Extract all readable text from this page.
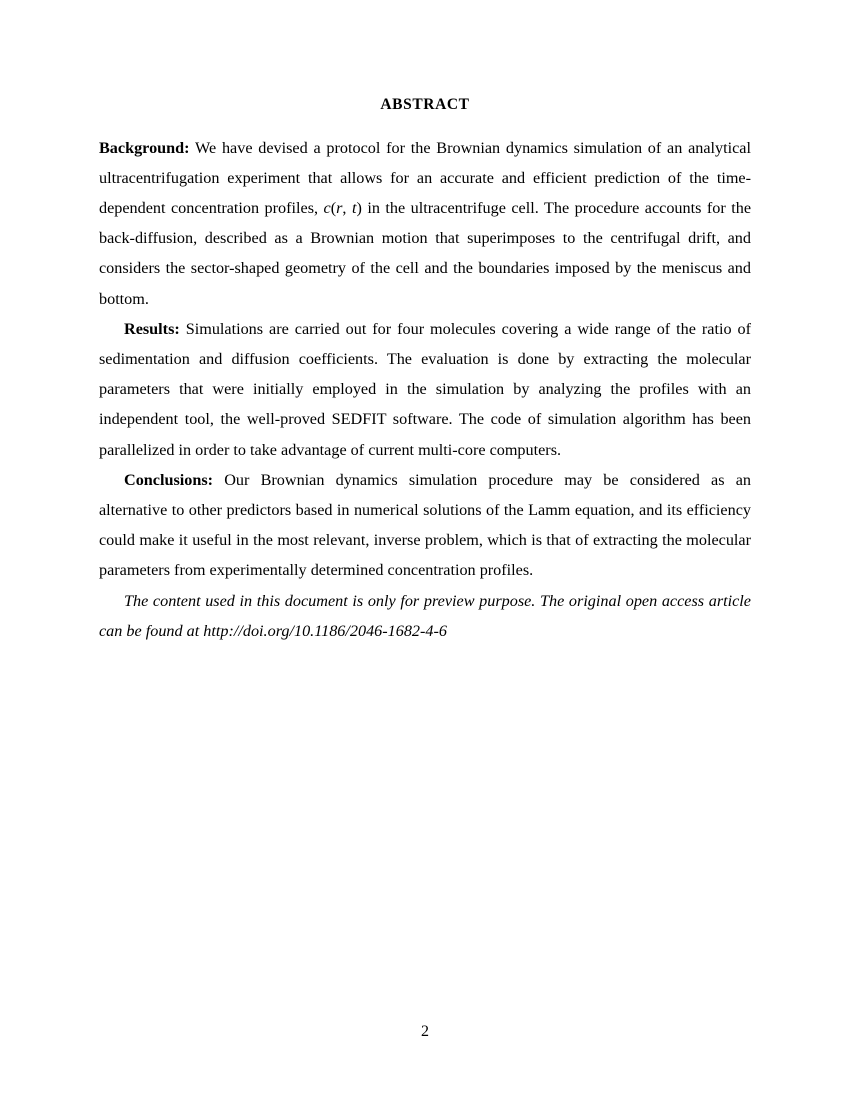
ABSTRACT

Background: We have devised a protocol for the Brownian dynamics simulation of an analytical ultracentrifugation experiment that allows for an accurate and efficient prediction of the time-dependent concentration profiles, c(r, t) in the ultracentrifuge cell. The procedure accounts for the back-diffusion, described as a Brownian motion that superimposes to the centrifugal drift, and considers the sector-shaped geometry of the cell and the boundaries imposed by the meniscus and bottom.

Results: Simulations are carried out for four molecules covering a wide range of the ratio of sedimentation and diffusion coefficients. The evaluation is done by extracting the molecular parameters that were initially employed in the simulation by analyzing the profiles with an independent tool, the well-proved SEDFIT software. The code of simulation algorithm has been parallelized in order to take advantage of current multi-core computers.

Conclusions: Our Brownian dynamics simulation procedure may be considered as an alternative to other predictors based in numerical solutions of the Lamm equation, and its efficiency could make it useful in the most relevant, inverse problem, which is that of extracting the molecular parameters from experimentally determined concentration profiles.

The content used in this document is only for preview purpose. The original open access article can be found at http://doi.org/10.1186/2046-1682-4-6

2
